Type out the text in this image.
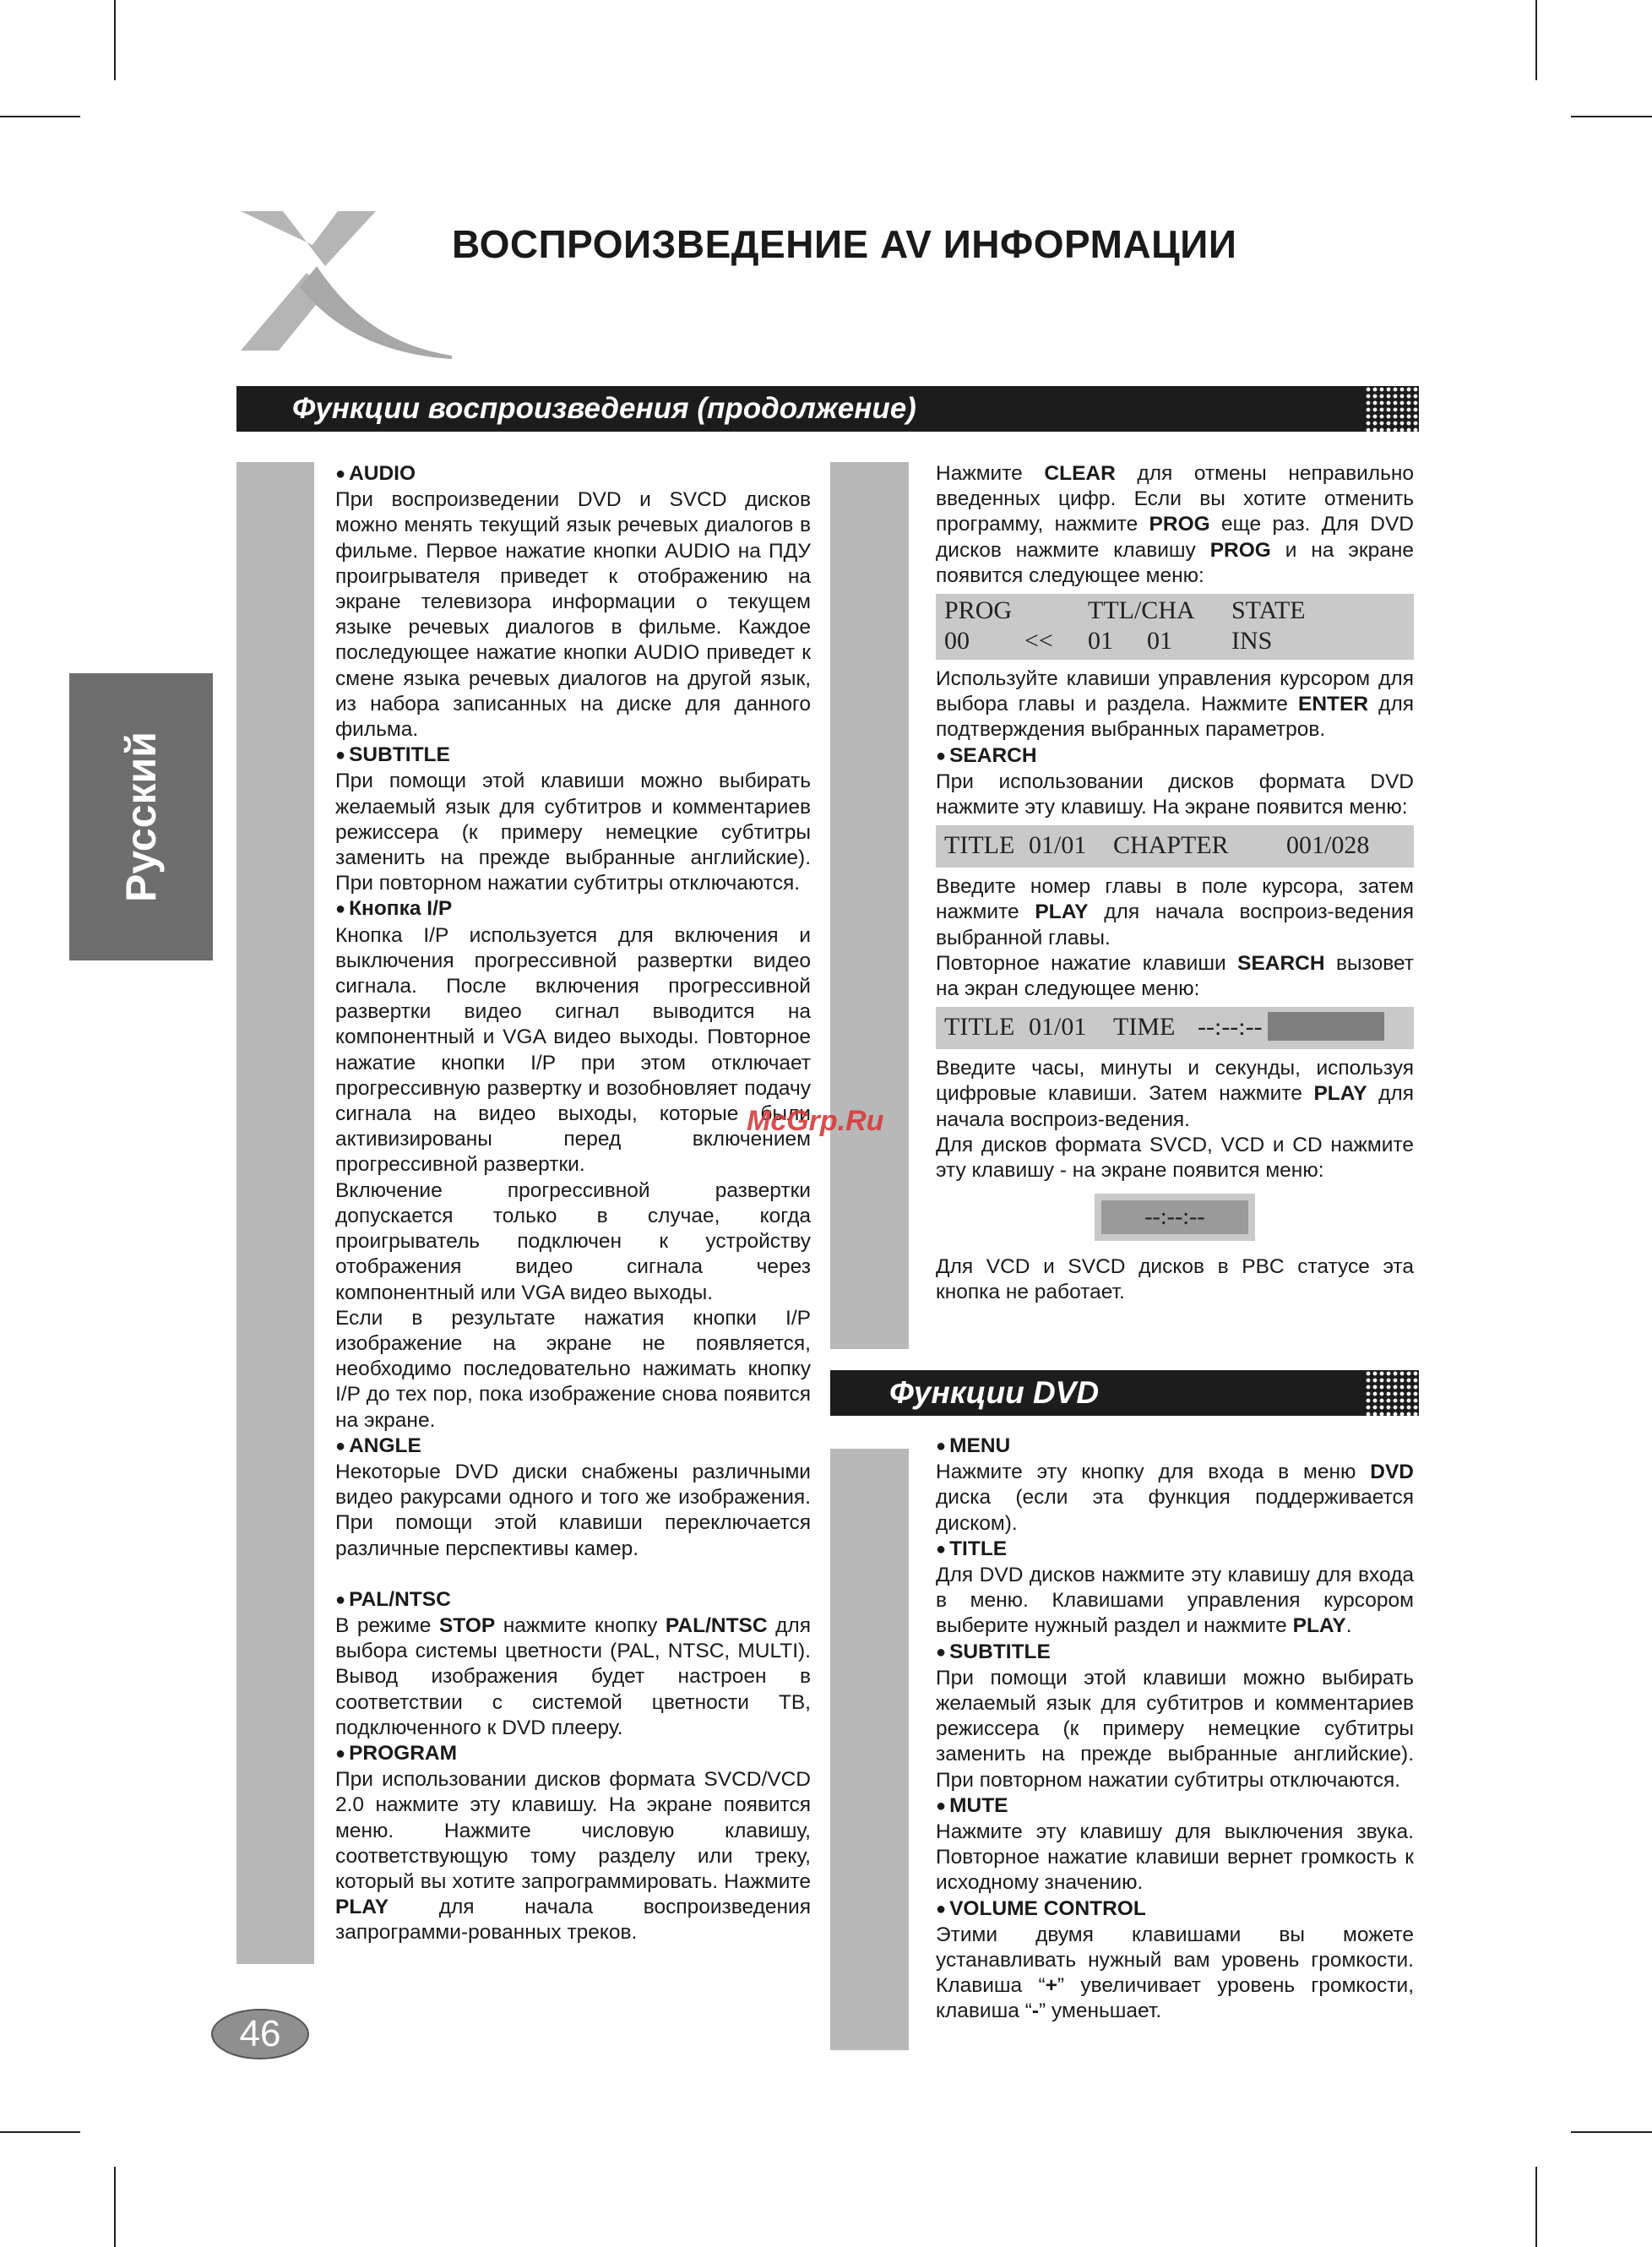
ВОСПРОИЗВЕДЕНИЕ AV ИНФОРМАЦИИ
Функции воспроизведения (продолжение)
Функции DVD
Русский

● AUDIO

При воспроизведении DVD и SVCD дисков можно менять текущий язык речевых диалогов в фильме. Первое нажатие кнопки AUDIO на ПДУ проигрывателя приведет к отображению на экране телевизора информации о текущем языке речевых диалогов в фильме. Каждое последующее нажатие кнопки AUDIO приведет к смене языка речевых диалогов на другой язык, из набора записанных на диске для данного фильма.

● SUBTITLE

При помощи этой клавиши можно выбирать желаемый язык для субтитров и комментариев режиссера (к примеру немецкие субтитры заменить на прежде выбранные английские). При повторном нажатии субтитры отключаются.

● Кнопка I/P

Кнопка I/P используется для включения и выключения прогрессивной развертки видео сигнала. После включения прогрессивной развертки видео сигнал выводится на компонентный и VGA видео выходы. Повторное нажатие кнопки I/P при этом отключает прогрессивную развертку и возобновляет подачу сигнала на видео выходы, которые были активизированы перед включением прогрессивной развертки.

Включение прогрессивной развертки допускается только в случае, когда проигрыватель подключен к устройству отображения видео сигнала через компонентный или VGA видео выходы.

Если в результате нажатия кнопки I/P изображение на экране не появляется, необходимо последовательно нажимать кнопку I/P до тех пор, пока изображение снова появится на экране.

● ANGLE

Некоторые DVD диски снабжены различными видео ракурсами одного и того же изображения. При помощи этой клавиши переключается различные перспективы камер.

● PAL/NTSC

В режиме STOP нажмите кнопку PAL/NTSC для выбора системы цветности (PAL, NTSC, MULTI). Вывод изображения будет настроен в соответствии с системой цветности ТВ, подключенного к DVD плееру.

● PROGRAM

При использовании дисков формата SVCD/VCD 2.0 нажмите эту клавишу. На экране появится меню. Нажмите числовую клавишу, соответствующую тому разделу или треку, который вы хотите запрограммировать. Нажмите PLAY для начала воспроизведения запрограмми-рованных треков.

Нажмите CLEAR для отмены неправильно введенных цифр. Если вы хотите отменить программу, нажмите PROG еще раз. Для DVD дисков нажмите клавишу PROG и на экране появится следующее меню:

PROG	TTL/CHA	STATE
00	<<	01	01	INS

Используйте клавиши управления курсором для выбора главы и раздела. Нажмите ENTER для подтверждения выбранных параметров.

● SEARCH

При использовании дисков формата DVD нажмите эту клавишу. На экране появится меню:

TITLE 01/01	CHAPTER	001/028

Введите номер главы в поле курсора, затем нажмите PLAY для начала воспроиз-ведения выбранной главы.

Повторное нажатие клавиши SEARCH вызовет на экран следующее меню:

TITLE 01/01	TIME --:--:--

Введите часы, минуты и секунды, используя цифровые клавиши. Затем нажмите PLAY для начала воспроиз-ведения.

Для дисков формата SVCD, VCD и CD нажмите эту клавишу - на экране появится меню:

--:--:--

Для VCD и SVCD дисков в PBC статусе эта кнопка не работает.

● MENU

Нажмите эту кнопку для входа в меню DVD диска (если эта функция поддерживается диском).

● TITLE

Для DVD дисков нажмите эту клавишу для входа в меню. Клавишами управления курсором выберите нужный раздел и нажмите PLAY.

● SUBTITLE

При помощи этой клавиши можно выбирать желаемый язык для субтитров и комментариев режиссера (к примеру немецкие субтитры заменить на прежде выбранные английские). При повторном нажатии субтитры отключаются.

● MUTE

Нажмите эту клавишу для выключения звука. Повторное нажатие клавиши вернет громкость к исходному значению.

● VOLUME CONTROL

Этими двумя клавишами вы можете устанавливать нужный вам уровень громкости. Клавиша “+” увеличивает уровень громкости, клавиша “-” уменьшает.

McGrp.Ru
46
